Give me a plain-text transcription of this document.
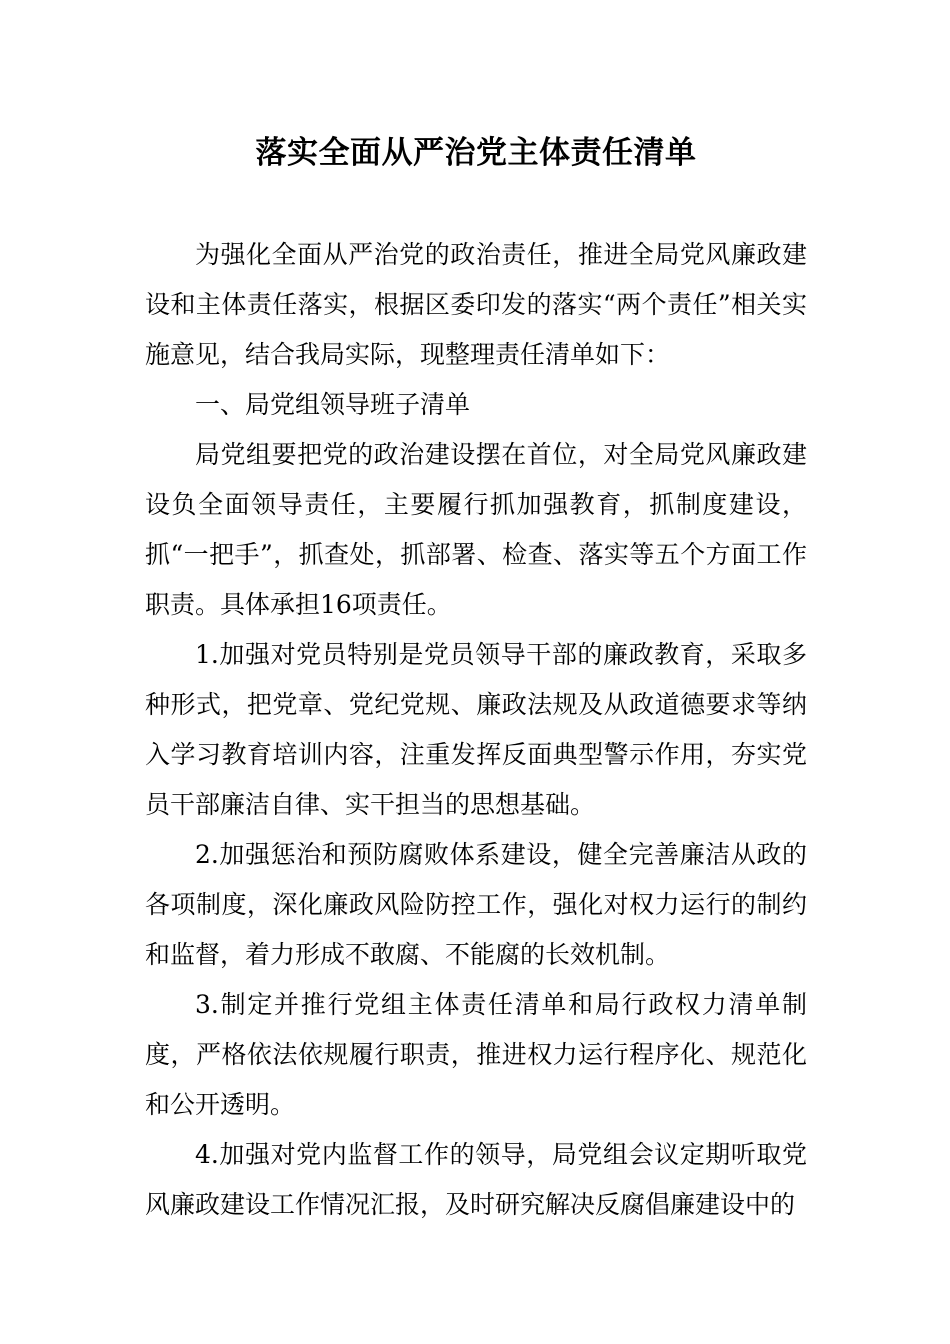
落实全面从严治党主体责任清单

为强化全面从严治党的政治责任，推进全局党风廉政建设和主体责任落实，根据区委印发的落实“两个责任”相关实施意见，结合我局实际，现整理责任清单如下：

一、局党组领导班子清单

局党组要把党的政治建设摆在首位，对全局党风廉政建设负全面领导责任，主要履行抓加强教育，抓制度建设，抓“一把手”，抓查处，抓部署、检查、落实等五个方面工作职责。具体承担16项责任。

1.加强对党员特别是党员领导干部的廉政教育，采取多种形式，把党章、党纪党规、廉政法规及从政道德要求等纳入学习教育培训内容，注重发挥反面典型警示作用，夯实党员干部廉洁自律、实干担当的思想基础。

2.加强惩治和预防腐败体系建设，健全完善廉洁从政的各项制度，深化廉政风险防控工作，强化对权力运行的制约和监督，着力形成不敢腐、不能腐的长效机制。

3.制定并推行党组主体责任清单和局行政权力清单制度，严格依法依规履行职责，推进权力运行程序化、规范化和公开透明。

4.加强对党内监督工作的领导，局党组会议定期听取党风廉政建设工作情况汇报，及时研究解决反腐倡廉建设中的
